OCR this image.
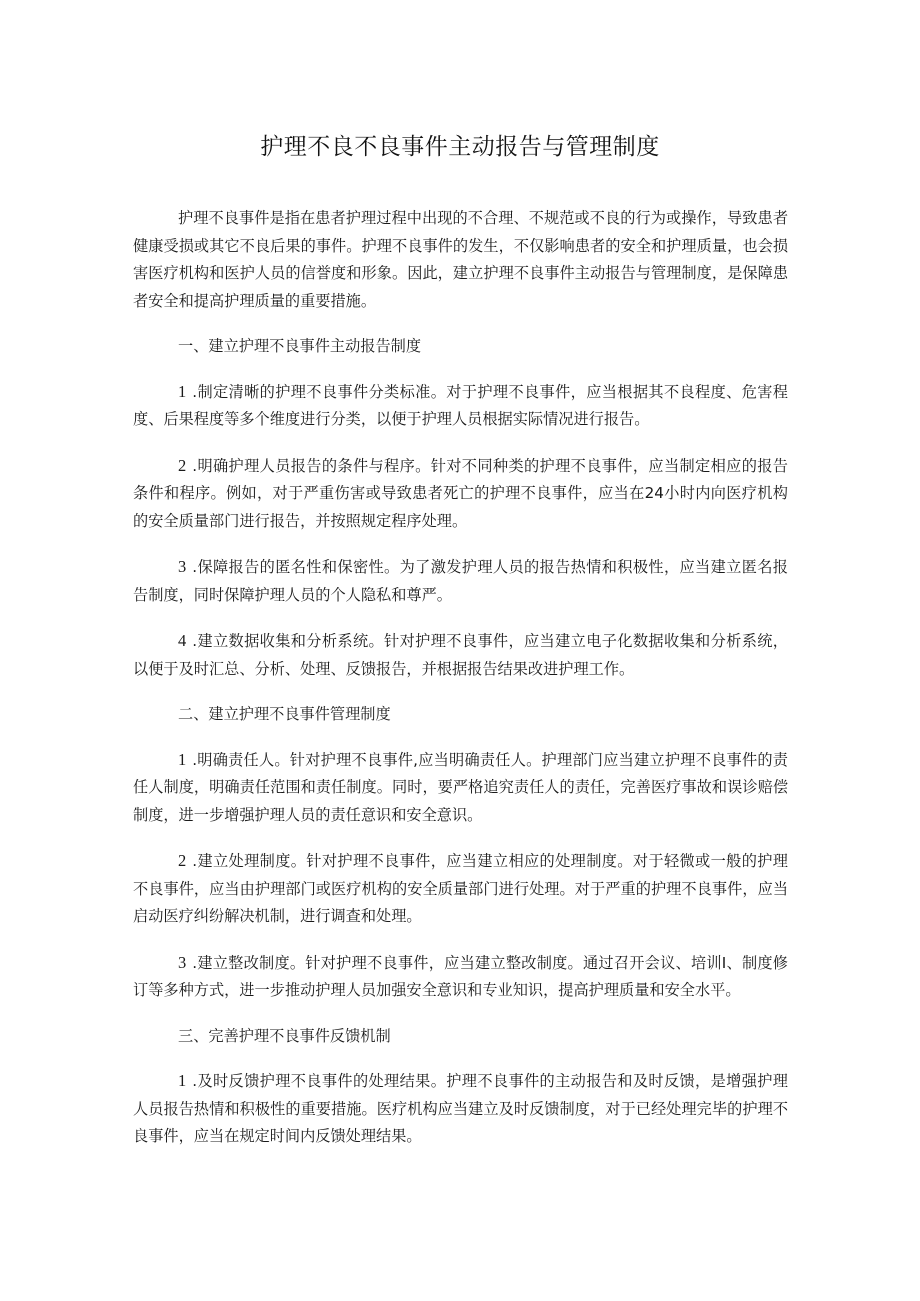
护理不良不良事件主动报告与管理制度

护理不良事件是指在患者护理过程中出现的不合理、不规范或不良的行为或操作，导致患者健康受损或其它不良后果的事件。护理不良事件的发生，不仅影响患者的安全和护理质量，也会损害医疗机构和医护人员的信誉度和形象。因此，建立护理不良事件主动报告与管理制度，是保障患者安全和提高护理质量的重要措施。

一、建立护理不良事件主动报告制度

1 .制定清晰的护理不良事件分类标准。对于护理不良事件，应当根据其不良程度、危害程度、后果程度等多个维度进行分类，以便于护理人员根据实际情况进行报告。

2 .明确护理人员报告的条件与程序。针对不同种类的护理不良事件，应当制定相应的报告条件和程序。例如，对于严重伤害或导致患者死亡的护理不良事件，应当在24小时内向医疗机构的安全质量部门进行报告，并按照规定程序处理。

3 .保障报告的匿名性和保密性。为了激发护理人员的报告热情和积极性，应当建立匿名报告制度，同时保障护理人员的个人隐私和尊严。

4 .建立数据收集和分析系统。针对护理不良事件，应当建立电子化数据收集和分析系统，以便于及时汇总、分析、处理、反馈报告，并根据报告结果改进护理工作。

二、建立护理不良事件管理制度

1 .明确责任人。针对护理不良事件,应当明确责任人。护理部门应当建立护理不良事件的责任人制度，明确责任范围和责任制度。同时，要严格追究责任人的责任，完善医疗事故和误诊赔偿制度，进一步增强护理人员的责任意识和安全意识。

2 .建立处理制度。针对护理不良事件，应当建立相应的处理制度。对于轻微或一般的护理不良事件，应当由护理部门或医疗机构的安全质量部门进行处理。对于严重的护理不良事件，应当启动医疗纠纷解决机制，进行调查和处理。

3 .建立整改制度。针对护理不良事件，应当建立整改制度。通过召开会议、培训I、制度修订等多种方式，进一步推动护理人员加强安全意识和专业知识，提高护理质量和安全水平。

三、完善护理不良事件反馈机制

1 .及时反馈护理不良事件的处理结果。护理不良事件的主动报告和及时反馈，是增强护理人员报告热情和积极性的重要措施。医疗机构应当建立及时反馈制度，对于已经处理完毕的护理不良事件，应当在规定时间内反馈处理结果。
